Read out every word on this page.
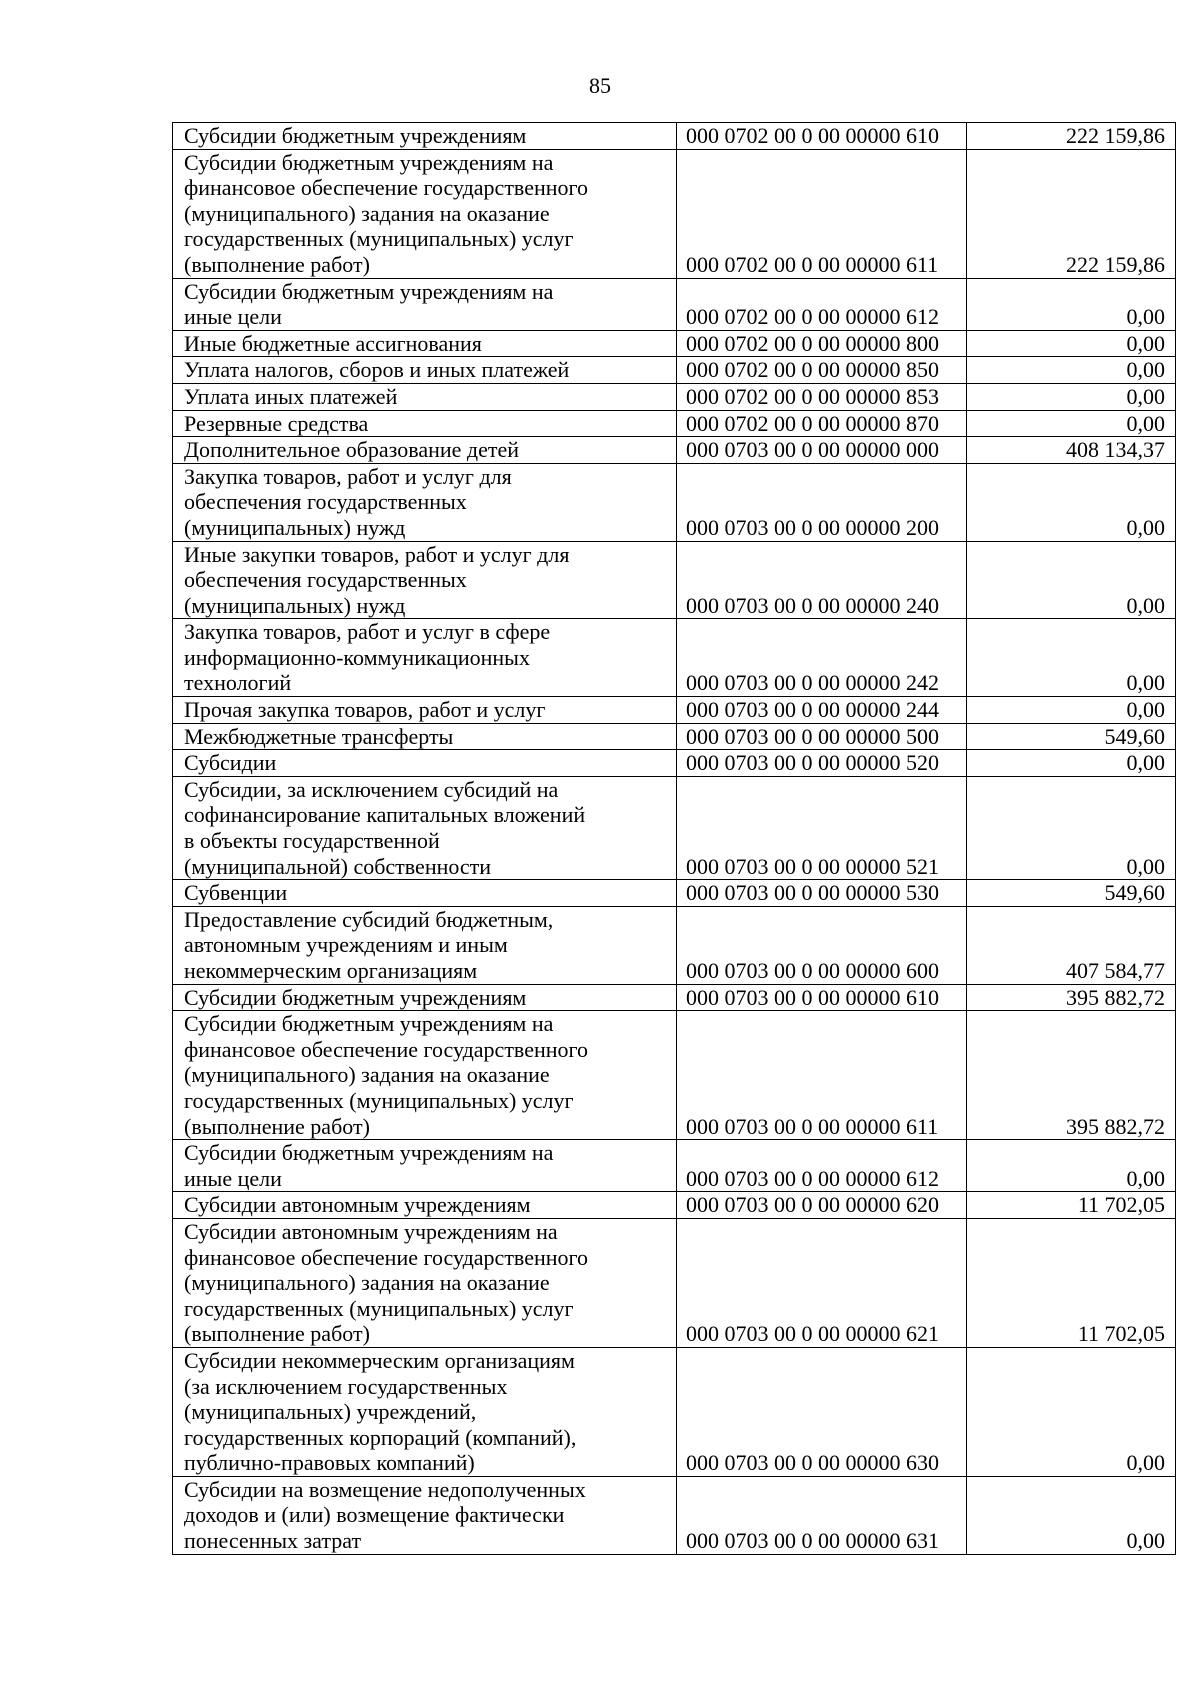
85
Субсидии бюджетным учреждениям	000 0702 00 0 00 00000 610	222 159,86
Субсидии бюджетным учреждениям на
финансовое обеспечение государственного
(муниципального) задания на оказание
государственных (муниципальных) услуг
(выполнение работ)	000 0702 00 0 00 00000 611	222 159,86
Субсидии бюджетным учреждениям на
иные цели	000 0702 00 0 00 00000 612	0,00
Иные бюджетные ассигнования	000 0702 00 0 00 00000 800	0,00
Уплата налогов, сборов и иных платежей	000 0702 00 0 00 00000 850	0,00
Уплата иных платежей	000 0702 00 0 00 00000 853	0,00
Резервные средства	000 0702 00 0 00 00000 870	0,00
Дополнительное образование детей	000 0703 00 0 00 00000 000	408 134,37
Закупка товаров, работ и услуг для
обеспечения государственных
(муниципальных) нужд	000 0703 00 0 00 00000 200	0,00
Иные закупки товаров, работ и услуг для
обеспечения государственных
(муниципальных) нужд	000 0703 00 0 00 00000 240	0,00
Закупка товаров, работ и услуг в сфере
информационно-коммуникационных
технологий	000 0703 00 0 00 00000 242	0,00
Прочая закупка товаров, работ и услуг	000 0703 00 0 00 00000 244	0,00
Межбюджетные трансферты	000 0703 00 0 00 00000 500	549,60
Субсидии	000 0703 00 0 00 00000 520	0,00
Субсидии, за исключением субсидий на
софинансирование капитальных вложений
в объекты государственной
(муниципальной) собственности	000 0703 00 0 00 00000 521	0,00
Субвенции	000 0703 00 0 00 00000 530	549,60
Предоставление субсидий бюджетным,
автономным учреждениям и иным
некоммерческим организациям	000 0703 00 0 00 00000 600	407 584,77
Субсидии бюджетным учреждениям	000 0703 00 0 00 00000 610	395 882,72
Субсидии бюджетным учреждениям на
финансовое обеспечение государственного
(муниципального) задания на оказание
государственных (муниципальных) услуг
(выполнение работ)	000 0703 00 0 00 00000 611	395 882,72
Субсидии бюджетным учреждениям на
иные цели	000 0703 00 0 00 00000 612	0,00
Субсидии автономным учреждениям	000 0703 00 0 00 00000 620	11 702,05
Субсидии автономным учреждениям на
финансовое обеспечение государственного
(муниципального) задания на оказание
государственных (муниципальных) услуг
(выполнение работ)	000 0703 00 0 00 00000 621	11 702,05
Субсидии некоммерческим организациям
(за исключением государственных
(муниципальных) учреждений,
государственных корпораций (компаний),
публично-правовых компаний)	000 0703 00 0 00 00000 630	0,00
Субсидии на возмещение недополученных
доходов и (или) возмещение фактически
понесенных затрат	000 0703 00 0 00 00000 631	0,00
